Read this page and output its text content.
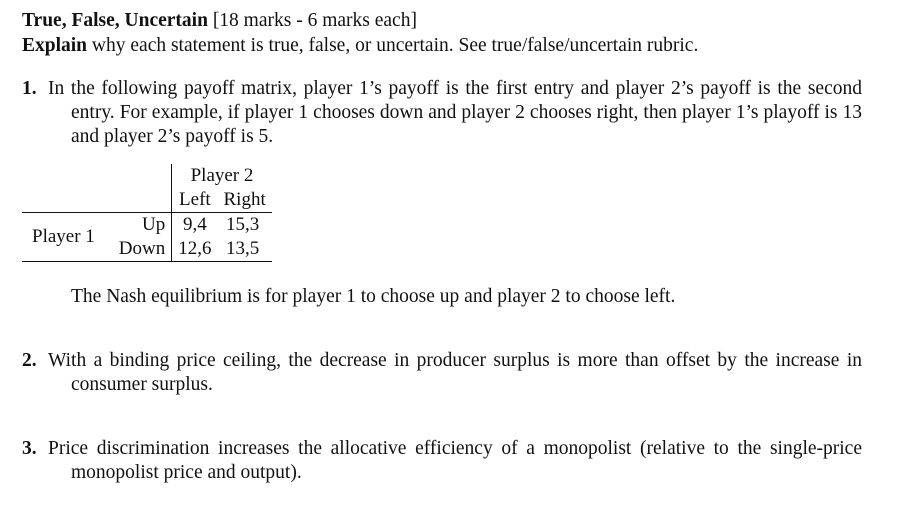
True, False, Uncertain [18 marks - 6 marks each]
Explain why each statement is true, false, or uncertain. See true/false/uncertain rubric.
1. In the following payoff matrix, player 1’s payoff is the first entry and player 2’s payoff is the second entry. For example, if player 1 chooses down and player 2 chooses right, then player 1’s playoff is 13 and player 2’s payoff is 5.
		Player 2	
		Left	Right
Player 1	Up	9,4	15,3
	Down	12,6	13,5
The Nash equilibrium is for player 1 to choose up and player 2 to choose left.
2. With a binding price ceiling, the decrease in producer surplus is more than offset by the increase in consumer surplus.
3. Price discrimination increases the allocative efficiency of a monopolist (relative to the single-price monopolist price and output).
